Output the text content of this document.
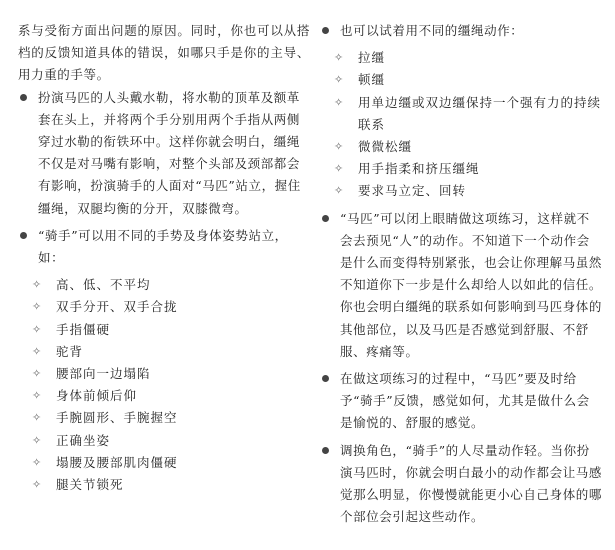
系与受衔方面出问题的原因。同时，你也可以从搭档的反馈知道具体的错误，如哪只手是你的主导、用力重的手等。

扮演马匹的人头戴水勒，将水勒的顶革及额革套在头上，并将两个手分别用两个手指从两侧穿过水勒的衔铁环中。这样你就会明白，缰绳不仅是对马嘴有影响，对整个头部及颈部都会有影响，扮演骑手的人面对“马匹”站立，握住缰绳，双腿均衡的分开，双膝微弯。
“骑手”可以用不同的手势及身体姿势站立，如：
✧ 高、低、不平均
✧ 双手分开、双手合拢
✧ 手指僵硬
✧ 驼背
✧ 腰部向一边塌陷
✧ 身体前倾后仰
✧ 手腕圆形、手腕握空
✧ 正确坐姿
✧ 塌腰及腰部肌肉僵硬
✧ 腿关节锁死
也可以试着用不同的缰绳动作：
✧ 拉缰
✧ 顿缰
✧ 用单边缰或双边缰保持一个强有力的持续联系
✧ 微微松缰
✧ 用手指柔和挤压缰绳
✧ 要求马立定、回转
“马匹”可以闭上眼睛做这项练习，这样就不会去预见“人”的动作。不知道下一个动作会是什么而变得特别紧张，也会让你理解马虽然不知道你下一步是什么却给人以如此的信任。你也会明白缰绳的联系如何影响到马匹身体的其他部位，以及马匹是否感觉到舒服、不舒服、疼痛等。
在做这项练习的过程中，“马匹”要及时给予“骑手”反馈，感觉如何，尤其是做什么会是愉悦的、舒服的感觉。
调换角色，“骑手”的人尽量动作轻。当你扮演马匹时，你就会明白最小的动作都会让马感觉那么明显，你慢慢就能更小心自己身体的哪个部位会引起这些动作。
